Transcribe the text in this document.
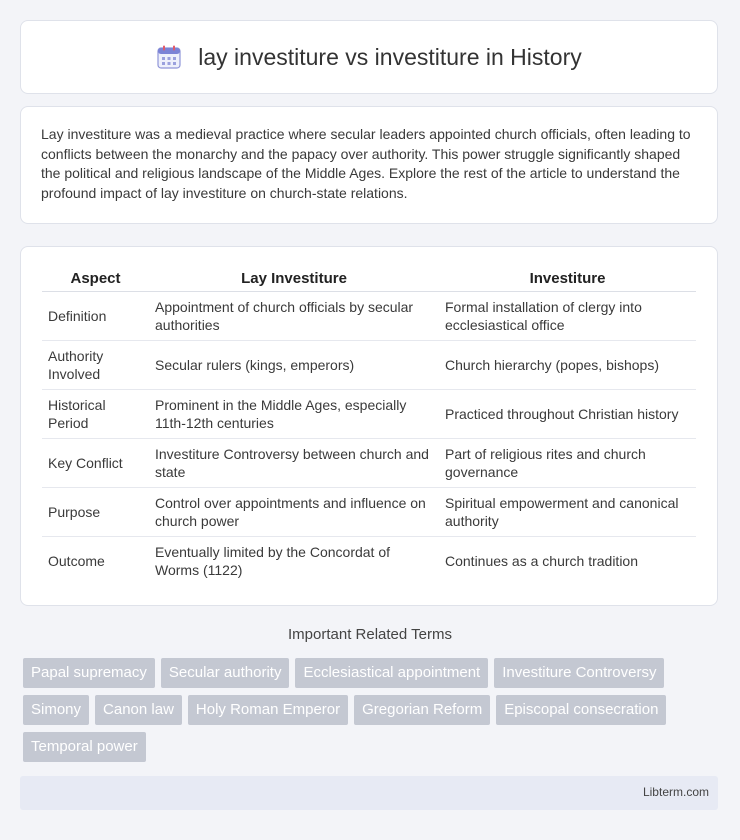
lay investiture vs investiture in History

Lay investiture was a medieval practice where secular leaders appointed church officials, often leading to conflicts between the monarchy and the papacy over authority. This power struggle significantly shaped the political and religious landscape of the Middle Ages. Explore the rest of the article to understand the profound impact of lay investiture on church-state relations.

Aspect	Lay Investiture	Investiture
Definition	Appointment of church officials by secular authorities	Formal installation of clergy into ecclesiastical office
Authority Involved	Secular rulers (kings, emperors)	Church hierarchy (popes, bishops)
Historical Period	Prominent in the Middle Ages, especially 11th-12th centuries	Practiced throughout Christian history
Key Conflict	Investiture Controversy between church and state	Part of religious rites and church governance
Purpose	Control over appointments and influence on church power	Spiritual empowerment and canonical authority
Outcome	Eventually limited by the Concordat of Worms (1122)	Continues as a church tradition
Important Related Terms
Papal supremacy	Secular authority	Ecclesiastical appointment	Investiture Controversy
Simony	Canon law	Holy Roman Emperor	Gregorian Reform	Episcopal consecration
Temporal power
Libterm.com
